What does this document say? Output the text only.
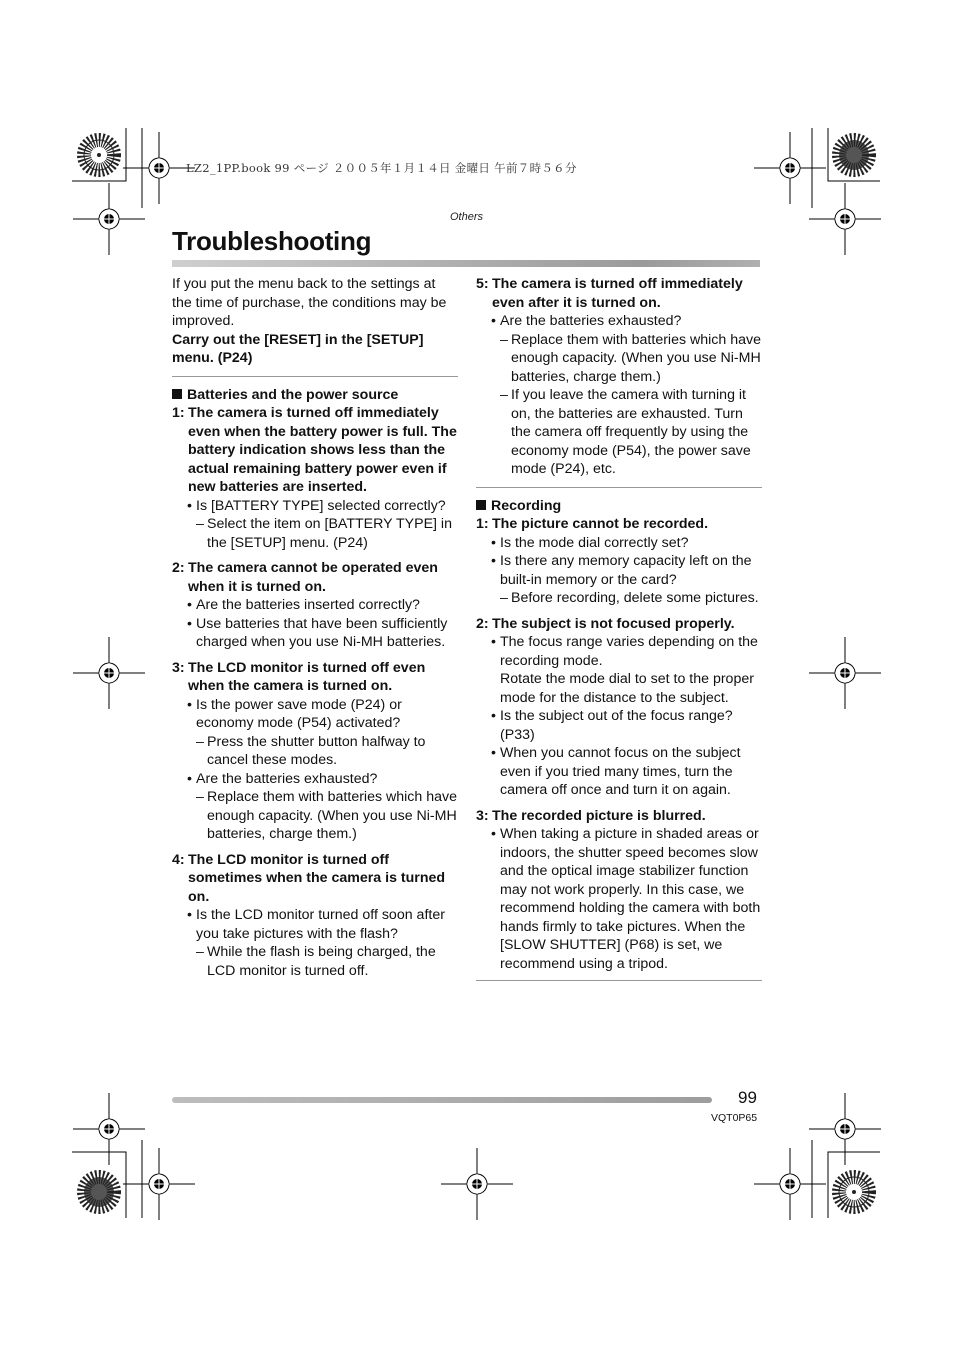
LZ2_1PP.book 99 ページ ２００５年１月１４日 金曜日 午前７時５６分
Others
Troubleshooting

If you put the menu back to the settings at the time of purchase, the conditions may be improved.

Carry out the [RESET] in the [SETUP] menu. (P24)

Batteries and the power source

1: The camera is turned off immediately even when the battery power is full. The battery indication shows less than the actual remaining battery power even if new batteries are inserted.

• Is [BATTERY TYPE] selected correctly?

– Select the item on [BATTERY TYPE] in the [SETUP] menu. (P24)

2: The camera cannot be operated even when it is turned on.

• Are the batteries inserted correctly?

• Use batteries that have been sufficiently charged when you use Ni-MH batteries.

3: The LCD monitor is turned off even when the camera is turned on.

• Is the power save mode (P24) or economy mode (P54) activated?

– Press the shutter button halfway to cancel these modes.

• Are the batteries exhausted?

– Replace them with batteries which have enough capacity. (When you use Ni-MH batteries, charge them.)

4: The LCD monitor is turned off sometimes when the camera is turned on.

• Is the LCD monitor turned off soon after you take pictures with the flash?

– While the flash is being charged, the LCD monitor is turned off.

5: The camera is turned off immediately even after it is turned on.

• Are the batteries exhausted?

– Replace them with batteries which have enough capacity. (When you use Ni-MH batteries, charge them.)

– If you leave the camera with turning it on, the batteries are exhausted. Turn the camera off frequently by using the economy mode (P54), the power save mode (P24), etc.

Recording

1: The picture cannot be recorded.

• Is the mode dial correctly set?

• Is there any memory capacity left on the built-in memory or the card?

– Before recording, delete some pictures.

2: The subject is not focused properly.

• The focus range varies depending on the recording mode.

Rotate the mode dial to set to the proper mode for the distance to the subject.

• Is the subject out of the focus range? (P33)

• When you cannot focus on the subject even if you tried many times, turn the camera off once and turn it on again.

3: The recorded picture is blurred.

• When taking a picture in shaded areas or indoors, the shutter speed becomes slow and the optical image stabilizer function may not work properly. In this case, we recommend holding the camera with both hands firmly to take pictures. When the [SLOW SHUTTER] (P68) is set, we recommend using a tripod.

99
VQT0P65
